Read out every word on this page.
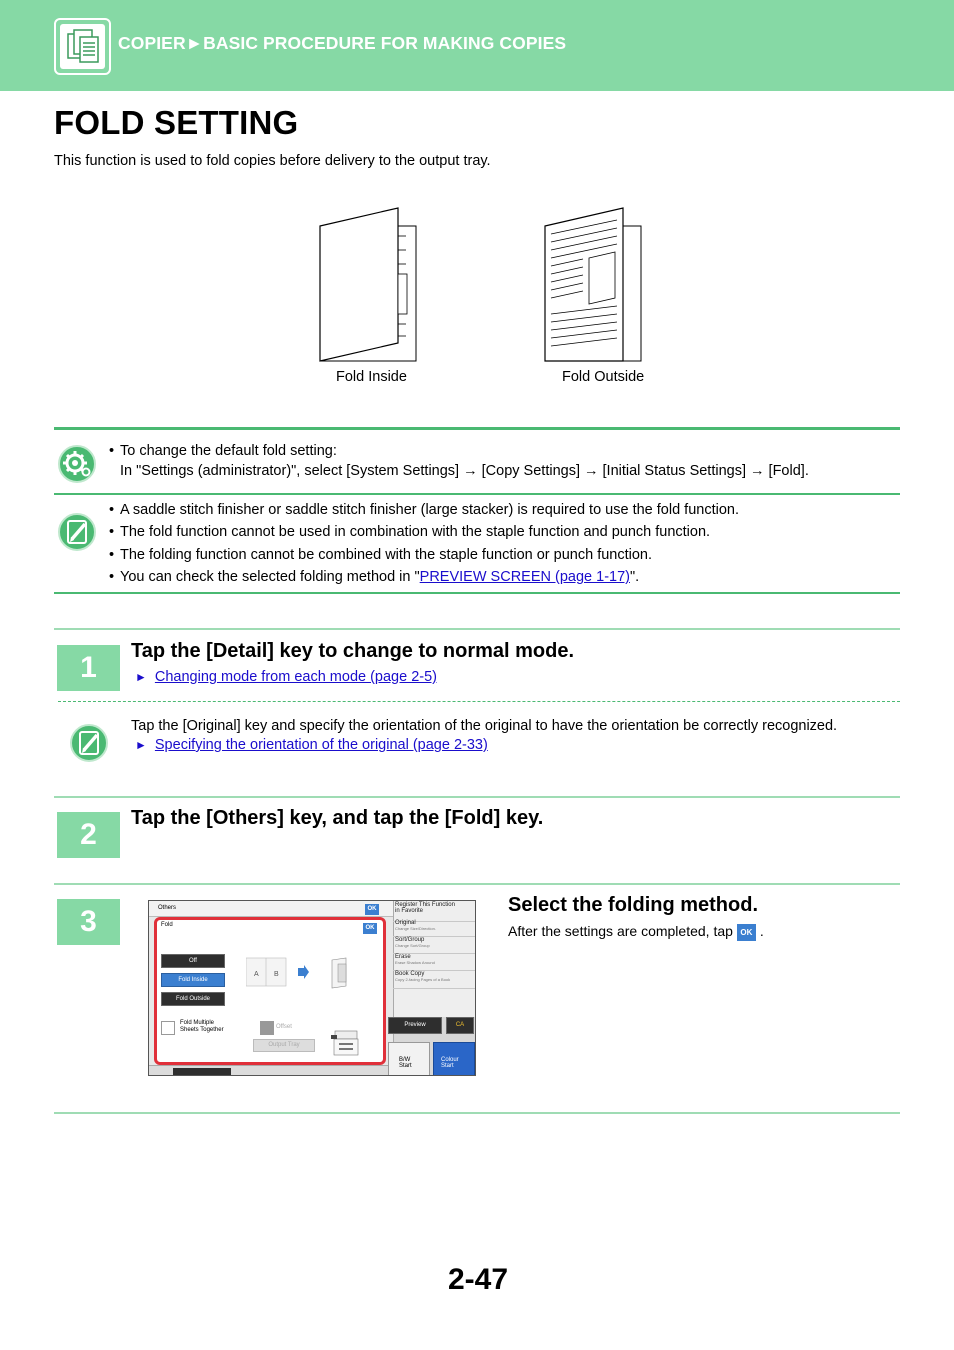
COPIER►BASIC PROCEDURE FOR MAKING COPIES
FOLD SETTING
This function is used to fold copies before delivery to the output tray.
Fold Inside	Fold Outside
• To change the default fold setting:
In "Settings (administrator)", select [System Settings] → [Copy Settings] → [Initial Status Settings] → [Fold].
• A saddle stitch finisher or saddle stitch finisher (large stacker) is required to use the fold function.
• The fold function cannot be used in combination with the staple function and punch function.
• The folding function cannot be combined with the staple function or punch function.
• You can check the selected folding method in "PREVIEW SCREEN (page 1-17)".
1	Tap the [Detail] key to change to normal mode.
► Changing mode from each mode (page 2-5)
Tap the [Original] key and specify the orientation of the original to have the orientation be correctly recognized.
► Specifying the orientation of the original (page 2-33)
2	Tap the [Others] key, and tap the [Fold] key.
3	Select the folding method.
After the settings are completed, tap OK .
Others	OK
Fold	OK
Off
Fold Inside
Fold Outside
A B
Fold Multiple
Sheets Together	Offset
Output Tray
Register This Function
in Favorite
Original
Change Size/Direction.
Sort/Group
Change Sort/Group
Erase
Erase Shadow Around
Book Copy
Copy 2-facing Pages of a Book
Preview	CA
B/W
Start
Colour
Start
2-47
